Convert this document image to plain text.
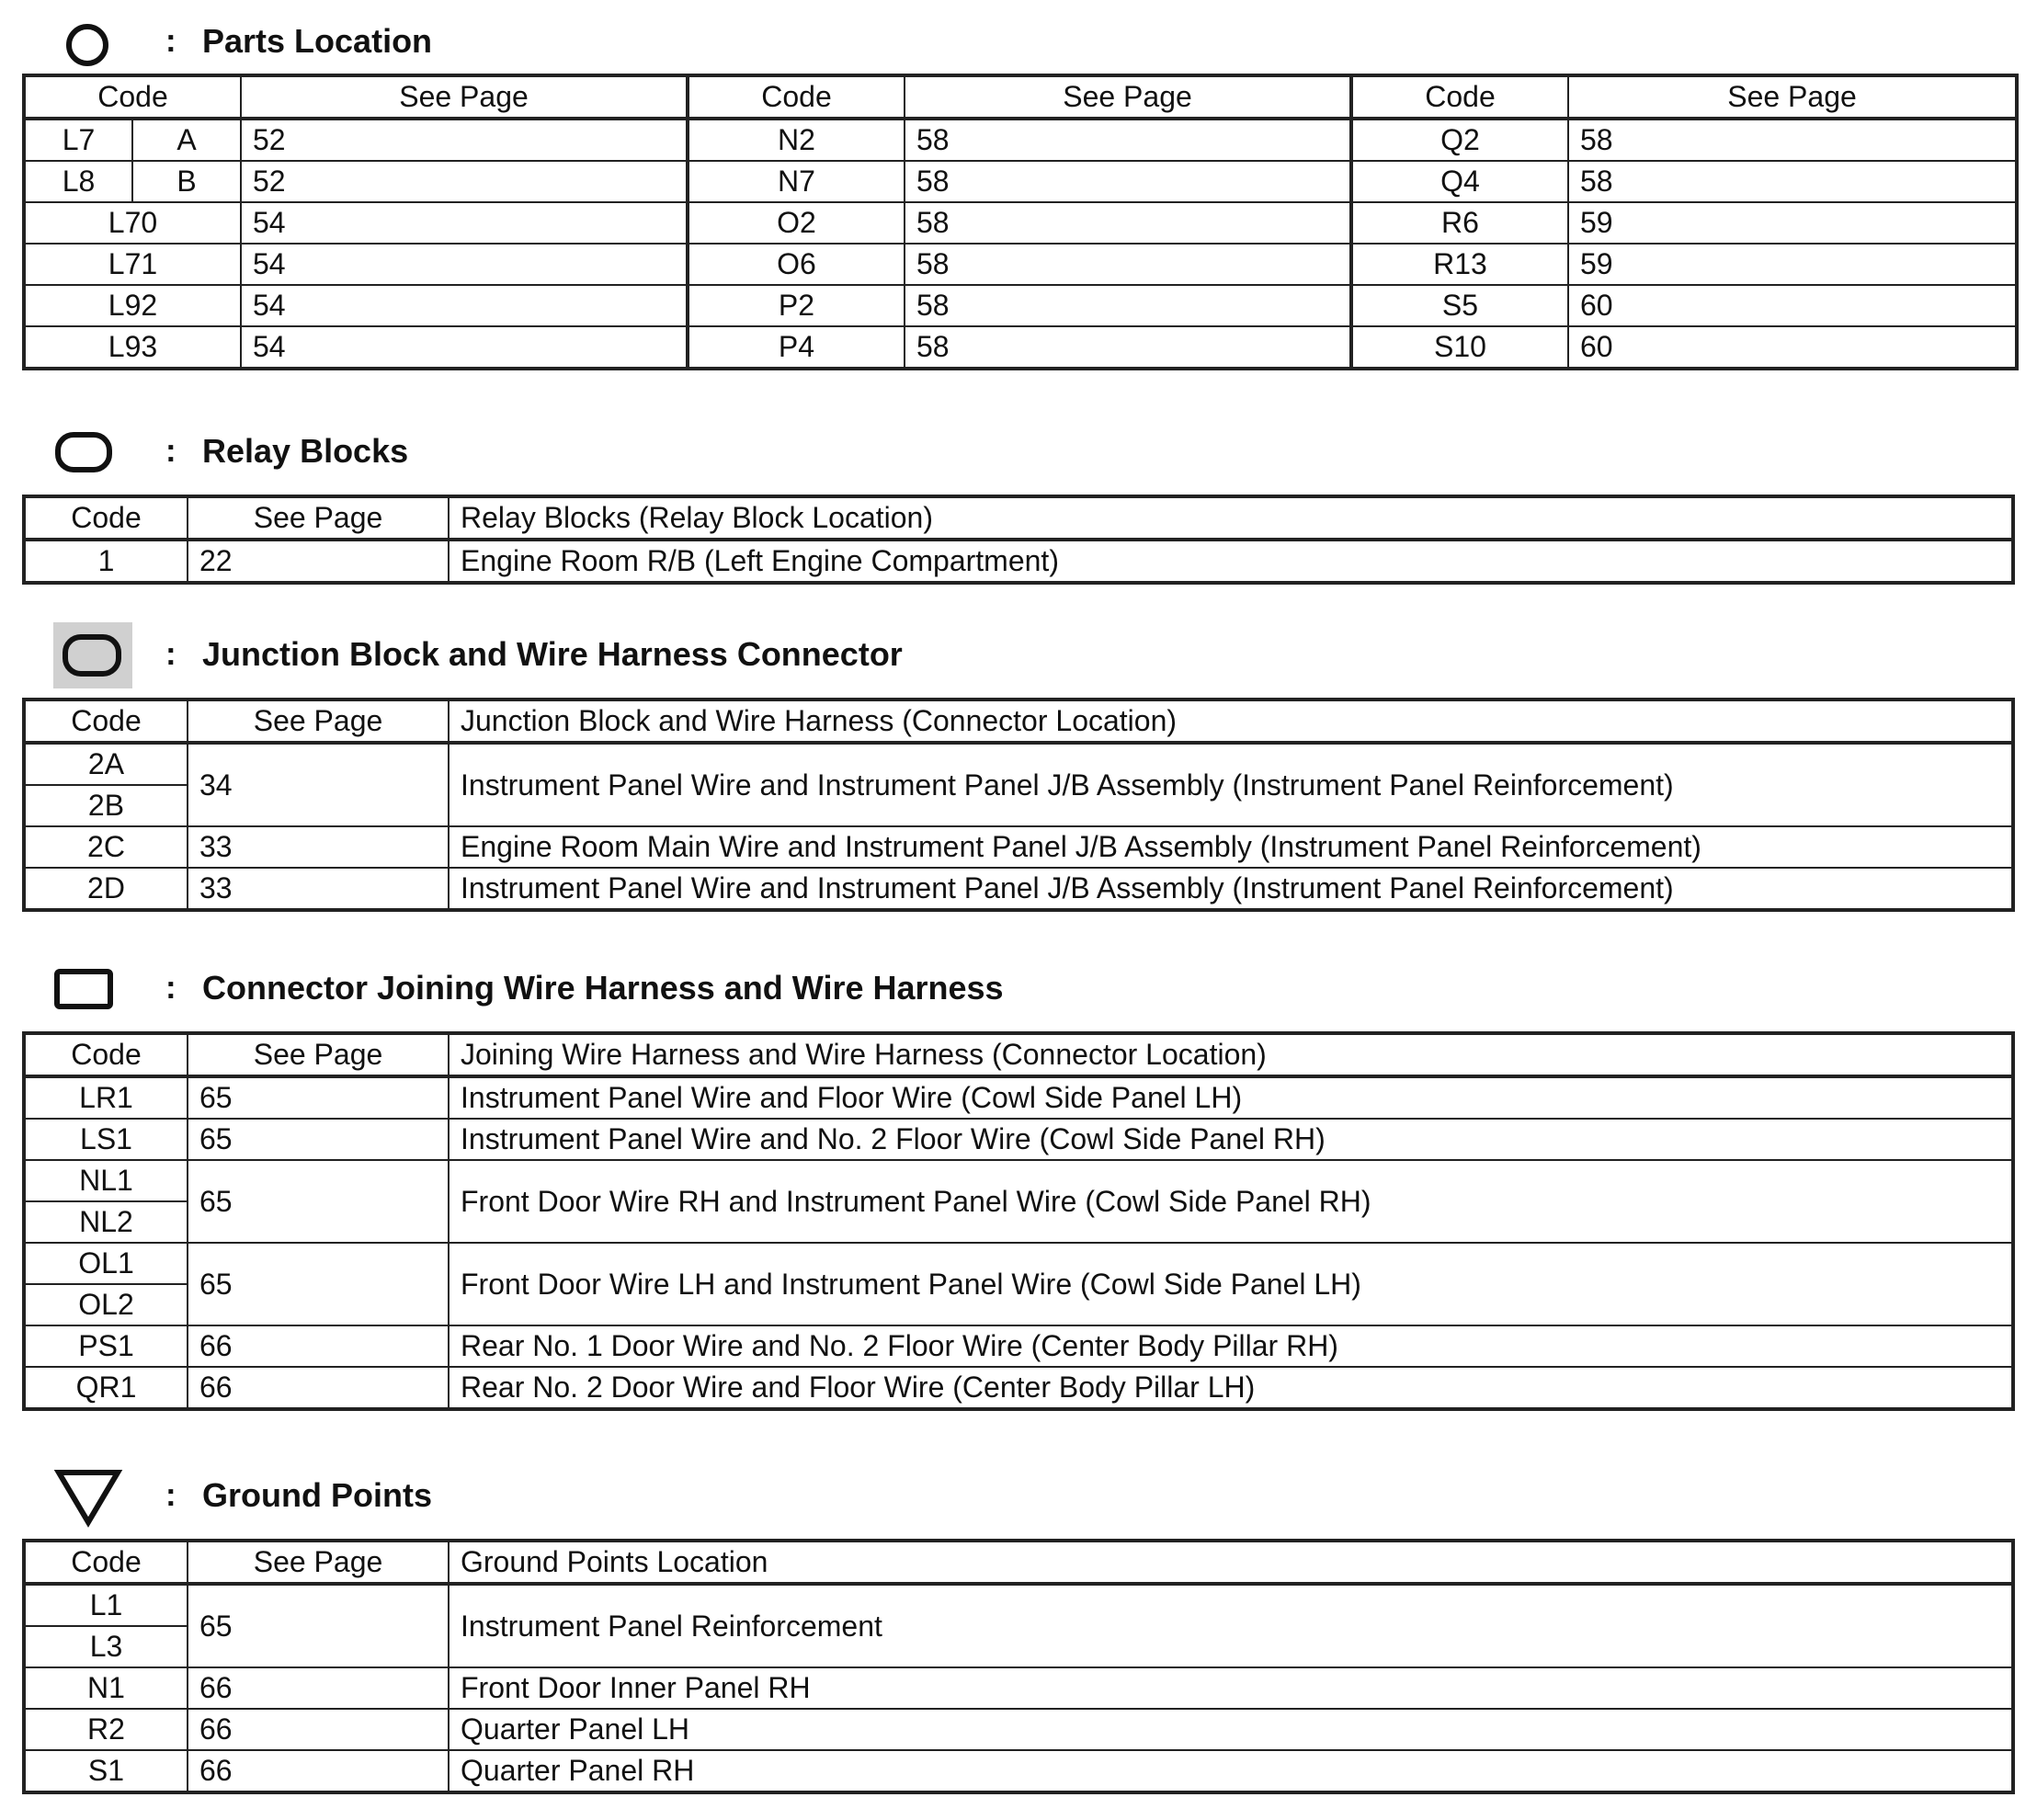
: Parts Location
Code		See Page	Code	See Page	Code	See Page
L7	A	52	N2	58	Q2	58
L8	B	52	N7	58	Q4	58
L70		54	O2	58	R6	59
L71		54	O6	58	R13	59
L92		54	P2	58	S5	60
L93		54	P4	58	S10	60
: Relay Blocks
Code	See Page	Relay Blocks (Relay Block Location)
1	22	Engine Room R/B (Left Engine Compartment)
: Junction Block and Wire Harness Connector
Code	See Page	Junction Block and Wire Harness (Connector Location)
2A	34	Instrument Panel Wire and Instrument Panel J/B Assembly (Instrument Panel Reinforcement)
2B		
2C	33	Engine Room Main Wire and Instrument Panel J/B Assembly (Instrument Panel Reinforcement)
2D	33	Instrument Panel Wire and Instrument Panel J/B Assembly (Instrument Panel Reinforcement)
: Connector Joining Wire Harness and Wire Harness
Code	See Page	Joining Wire Harness and Wire Harness (Connector Location)
LR1	65	Instrument Panel Wire and Floor Wire (Cowl Side Panel LH)
LS1	65	Instrument Panel Wire and No. 2 Floor Wire (Cowl Side Panel RH)
NL1	65	Front Door Wire RH and Instrument Panel Wire (Cowl Side Panel RH)
NL2		
OL1	65	Front Door Wire LH and Instrument Panel Wire (Cowl Side Panel LH)
OL2		
PS1	66	Rear No. 1 Door Wire and No. 2 Floor Wire (Center Body Pillar RH)
QR1	66	Rear No. 2 Door Wire and Floor Wire (Center Body Pillar LH)
: Ground Points
Code	See Page	Ground Points Location
L1	65	Instrument Panel Reinforcement
L3		
N1	66	Front Door Inner Panel RH
R2	66	Quarter Panel LH
S1	66	Quarter Panel RH
